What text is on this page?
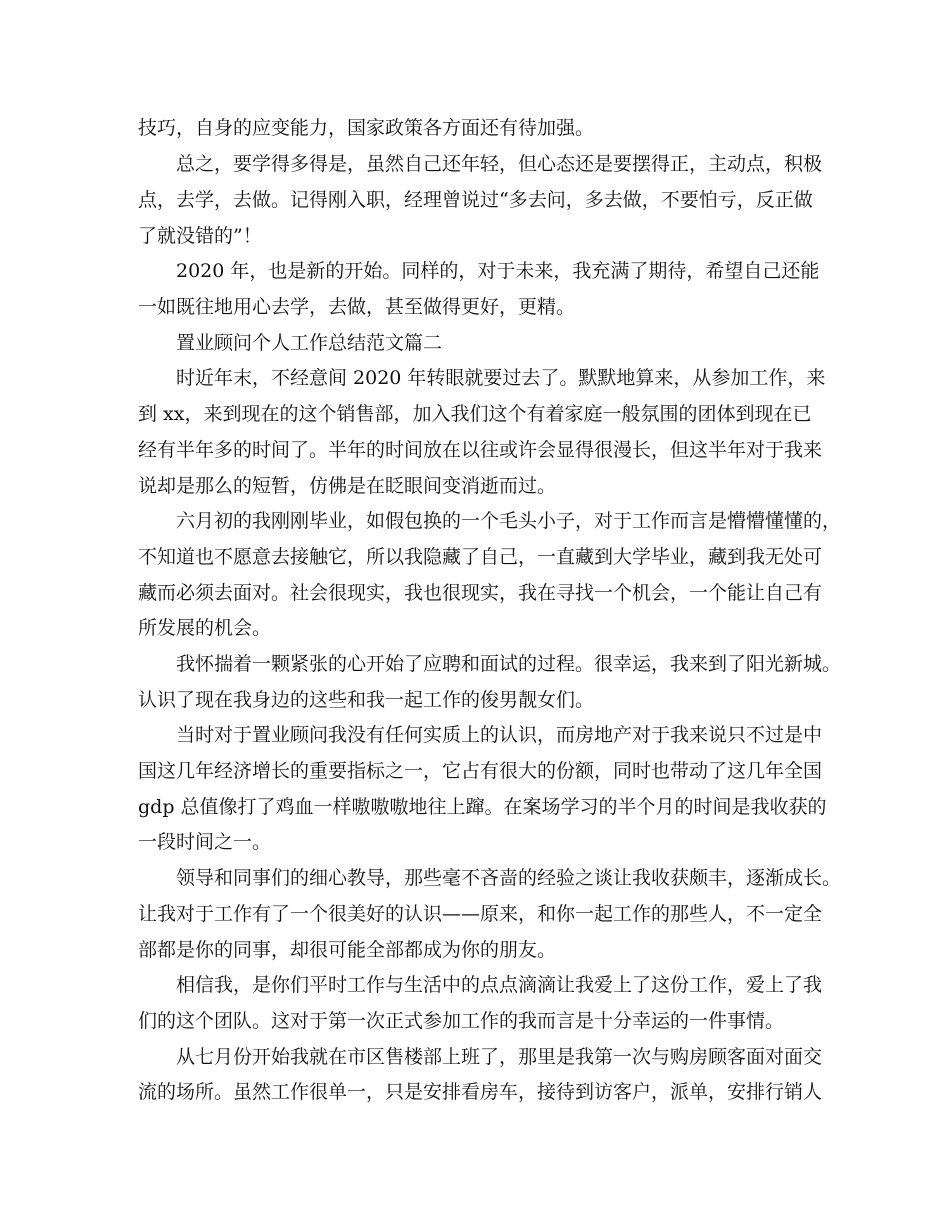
技巧，自身的应变能力，国家政策各方面还有待加强。
总之，要学得多得是，虽然自己还年轻，但心态还是要摆得正，主动点，积极
点，去学，去做。记得刚入职，经理曾说过“多去问，多去做，不要怕亏，反正做
了就没错的”！
2020 年，也是新的开始。同样的，对于未来，我充满了期待，希望自己还能
一如既往地用心去学，去做，甚至做得更好，更精。
置业顾问个人工作总结范文篇二
时近年末，不经意间 2020 年转眼就要过去了。默默地算来，从参加工作，来
到 xx，来到现在的这个销售部，加入我们这个有着家庭一般氛围的团体到现在已
经有半年多的时间了。半年的时间放在以往或许会显得很漫长，但这半年对于我来
说却是那么的短暂，仿佛是在眨眼间变消逝而过。
六月初的我刚刚毕业，如假包换的一个毛头小子，对于工作而言是懵懵懂懂的，
不知道也不愿意去接触它，所以我隐藏了自己，一直藏到大学毕业，藏到我无处可
藏而必须去面对。社会很现实，我也很现实，我在寻找一个机会，一个能让自己有
所发展的机会。
我怀揣着一颗紧张的心开始了应聘和面试的过程。很幸运，我来到了阳光新城。
认识了现在我身边的这些和我一起工作的俊男靓女们。
当时对于置业顾问我没有任何实质上的认识，而房地产对于我来说只不过是中
国这几年经济增长的重要指标之一，它占有很大的份额，同时也带动了这几年全国
gdp 总值像打了鸡血一样嗷嗷嗷地往上蹿。在案场学习的半个月的时间是我收获的
一段时间之一。
领导和同事们的细心教导，那些毫不吝啬的经验之谈让我收获颇丰，逐渐成长。
让我对于工作有了一个很美好的认识——原来，和你一起工作的那些人，不一定全
部都是你的同事，却很可能全部都成为你的朋友。
相信我，是你们平时工作与生活中的点点滴滴让我爱上了这份工作，爱上了我
们的这个团队。这对于第一次正式参加工作的我而言是十分幸运的一件事情。
从七月份开始我就在市区售楼部上班了，那里是我第一次与购房顾客面对面交
流的场所。虽然工作很单一，只是安排看房车，接待到访客户，派单，安排行销人
